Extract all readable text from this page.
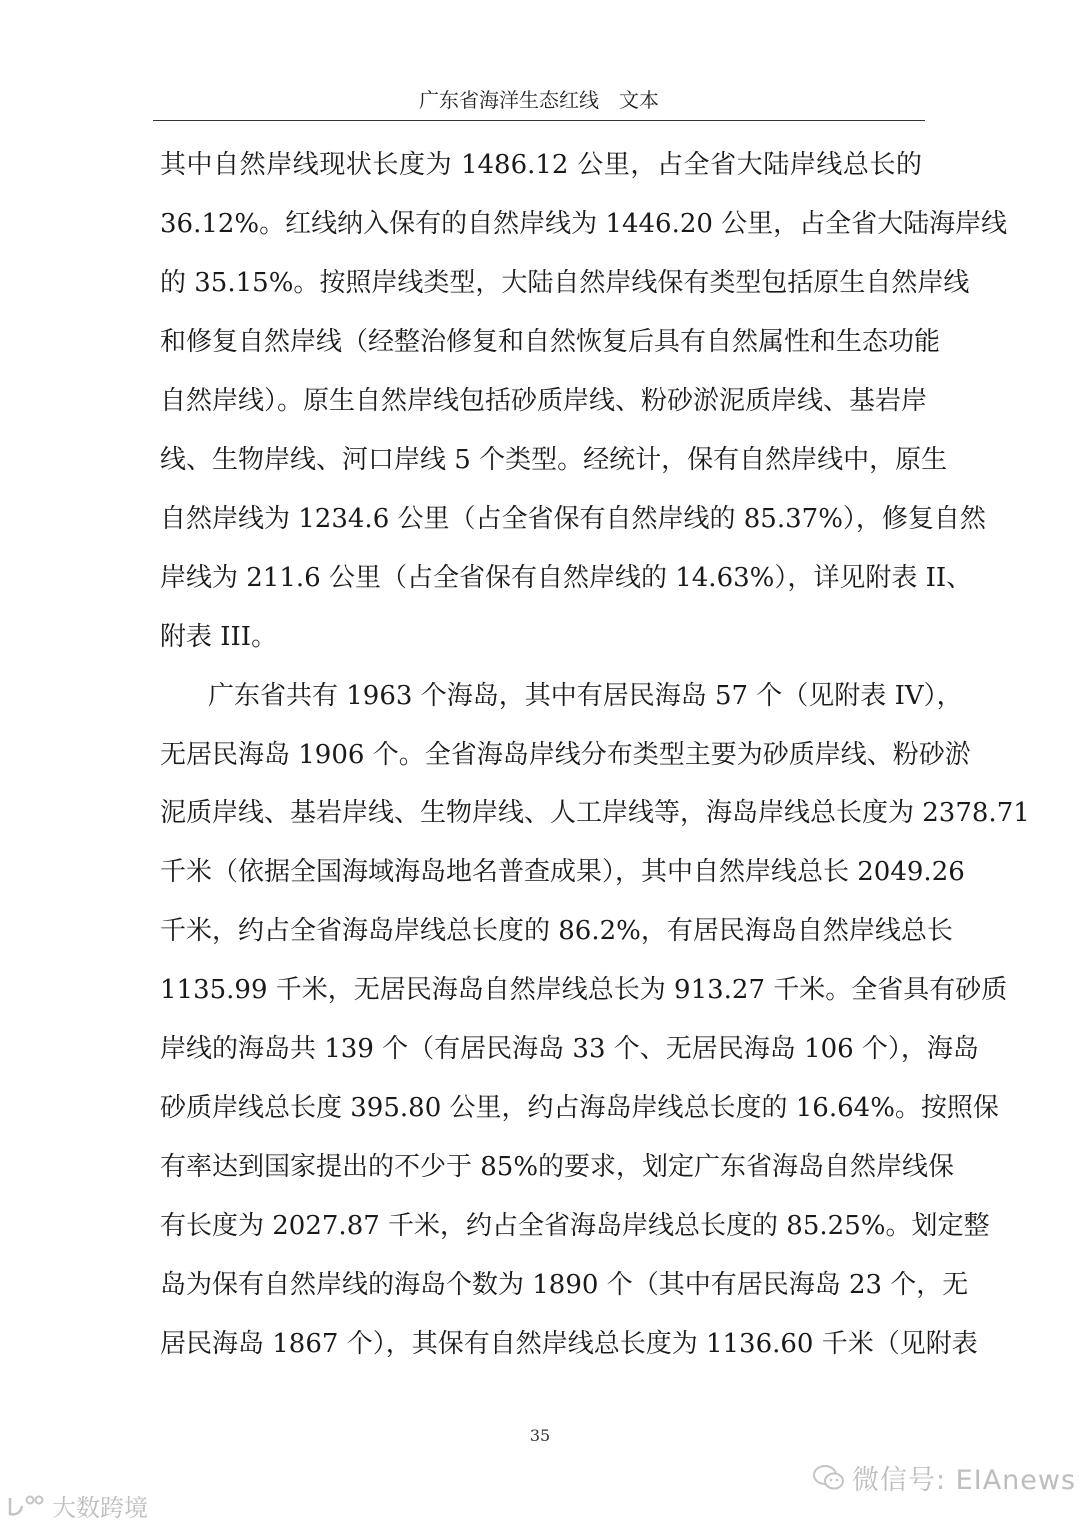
广东省海洋生态红线　文本
其中自然岸线现状长度为 1486.12 公里，占全省大陆岸线总长的
36.12%。红线纳入保有的自然岸线为 1446.20 公里，占全省大陆海岸线
的 35.15%。按照岸线类型，大陆自然岸线保有类型包括原生自然岸线
和修复自然岸线（经整治修复和自然恢复后具有自然属性和生态功能
自然岸线）。原生自然岸线包括砂质岸线、粉砂淤泥质岸线、基岩岸
线、生物岸线、河口岸线 5 个类型。经统计，保有自然岸线中，原生
自然岸线为 1234.6 公里（占全省保有自然岸线的 85.37%），修复自然
岸线为 211.6 公里（占全省保有自然岸线的 14.63%），详见附表 II、
附表 III。
广东省共有 1963 个海岛，其中有居民海岛 57 个（见附表 IV），
无居民海岛 1906 个。全省海岛岸线分布类型主要为砂质岸线、粉砂淤
泥质岸线、基岩岸线、生物岸线、人工岸线等，海岛岸线总长度为 2378.71
千米（依据全国海域海岛地名普查成果），其中自然岸线总长 2049.26
千米，约占全省海岛岸线总长度的 86.2%，有居民海岛自然岸线总长
1135.99 千米，无居民海岛自然岸线总长为 913.27 千米。全省具有砂质
岸线的海岛共 139 个（有居民海岛 33 个、无居民海岛 106 个），海岛
砂质岸线总长度 395.80 公里，约占海岛岸线总长度的 16.64%。按照保
有率达到国家提出的不少于 85%的要求，划定广东省海岛自然岸线保
有长度为 2027.87 千米，约占全省海岛岸线总长度的 85.25%。划定整
岛为保有自然岸线的海岛个数为 1890 个（其中有居民海岛 23 个，无
居民海岛 1867 个），其保有自然岸线总长度为 1136.60 千米（见附表
35
微信号: EIAnews
大数跨境
